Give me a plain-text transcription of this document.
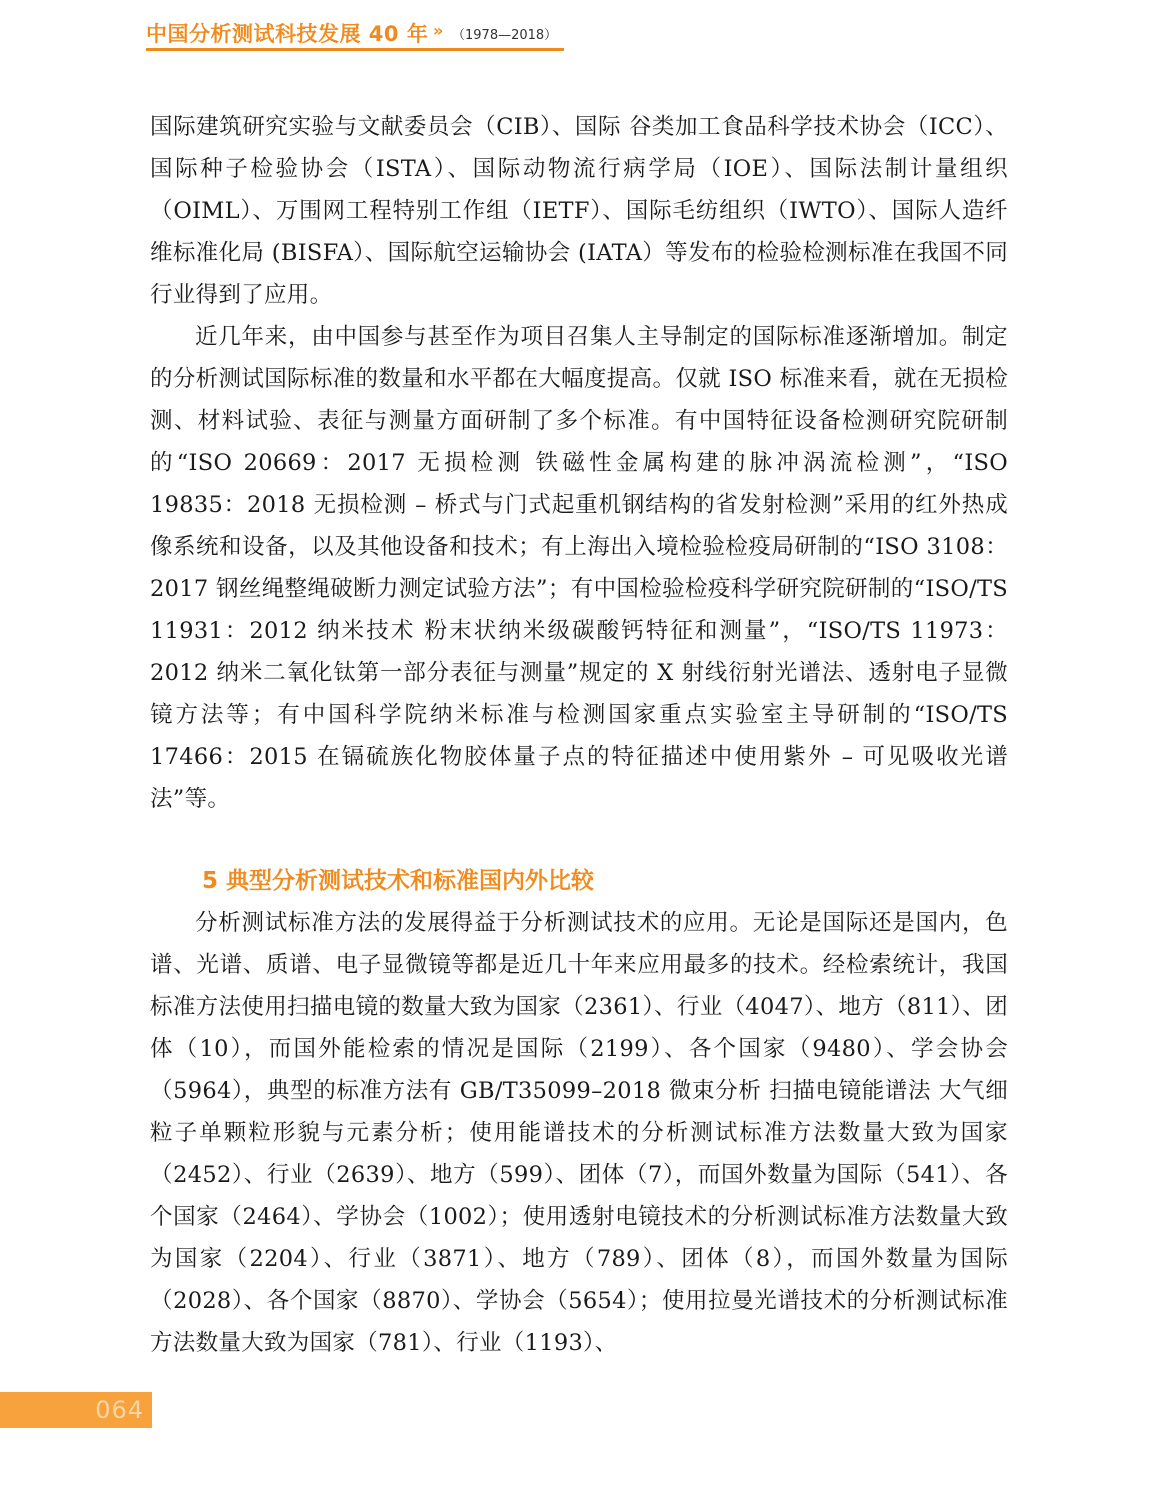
中国分析测试科技发展 40 年 » （1978—2018）

国际建筑研究实验与文献委员会（CIB）、国际 谷类加工食品科学技术协会（ICC）、国际种子检验协会（ISTA）、国际动物流行病学局（IOE）、国际法制计量组织（OIML）、万围网工程特别工作组（IETF）、国际毛纺组织（IWTO）、国际人造纤维标准化局 (BISFA）、国际航空运输协会 (IATA）等发布的检验检测标准在我国不同行业得到了应用。

近几年来，由中国参与甚至作为项目召集人主导制定的国际标准逐渐增加。制定的分析测试国际标准的数量和水平都在大幅度提高。仅就 ISO 标准来看，就在无损检测、材料试验、表征与测量方面研制了多个标准。有中国特征设备检测研究院研制的“ISO 20669：2017 无损检测 铁磁性金属构建的脉冲涡流检测”，“ISO 19835：2018 无损检测 – 桥式与门式起重机钢结构的省发射检测”采用的红外热成像系统和设备，以及其他设备和技术；有上海出入境检验检疫局研制的“ISO 3108：2017 钢丝绳整绳破断力测定试验方法”；有中国检验检疫科学研究院研制的“ISO/TS 11931：2012 纳米技术 粉末状纳米级碳酸钙特征和测量”，“ISO/TS 11973：2012 纳米二氧化钛第一部分表征与测量”规定的 X 射线衍射光谱法、透射电子显微镜方法等；有中国科学院纳米标准与检测国家重点实验室主导研制的“ISO/TS 17466：2015 在镉硫族化物胶体量子点的特征描述中使用紫外 – 可见吸收光谱法”等。

5 典型分析测试技术和标准国内外比较

分析测试标准方法的发展得益于分析测试技术的应用。无论是国际还是国内，色谱、光谱、质谱、电子显微镜等都是近几十年来应用最多的技术。经检索统计，我国标准方法使用扫描电镜的数量大致为国家（2361）、行业（4047）、地方（811）、团体（10），而国外能检索的情况是国际（2199）、各个国家（9480）、学会协会（5964），典型的标准方法有 GB/T35099–2018 微束分析 扫描电镜能谱法 大气细粒子单颗粒形貌与元素分析；使用能谱技术的分析测试标准方法数量大致为国家（2452）、行业（2639）、地方（599）、团体（7），而国外数量为国际（541）、各个国家（2464）、学协会（1002）；使用透射电镜技术的分析测试标准方法数量大致为国家（2204）、行业（3871）、地方（789）、团体（8），而国外数量为国际（2028）、各个国家（8870）、学协会（5654）；使用拉曼光谱技术的分析测试标准方法数量大致为国家（781）、行业（1193）、

064
